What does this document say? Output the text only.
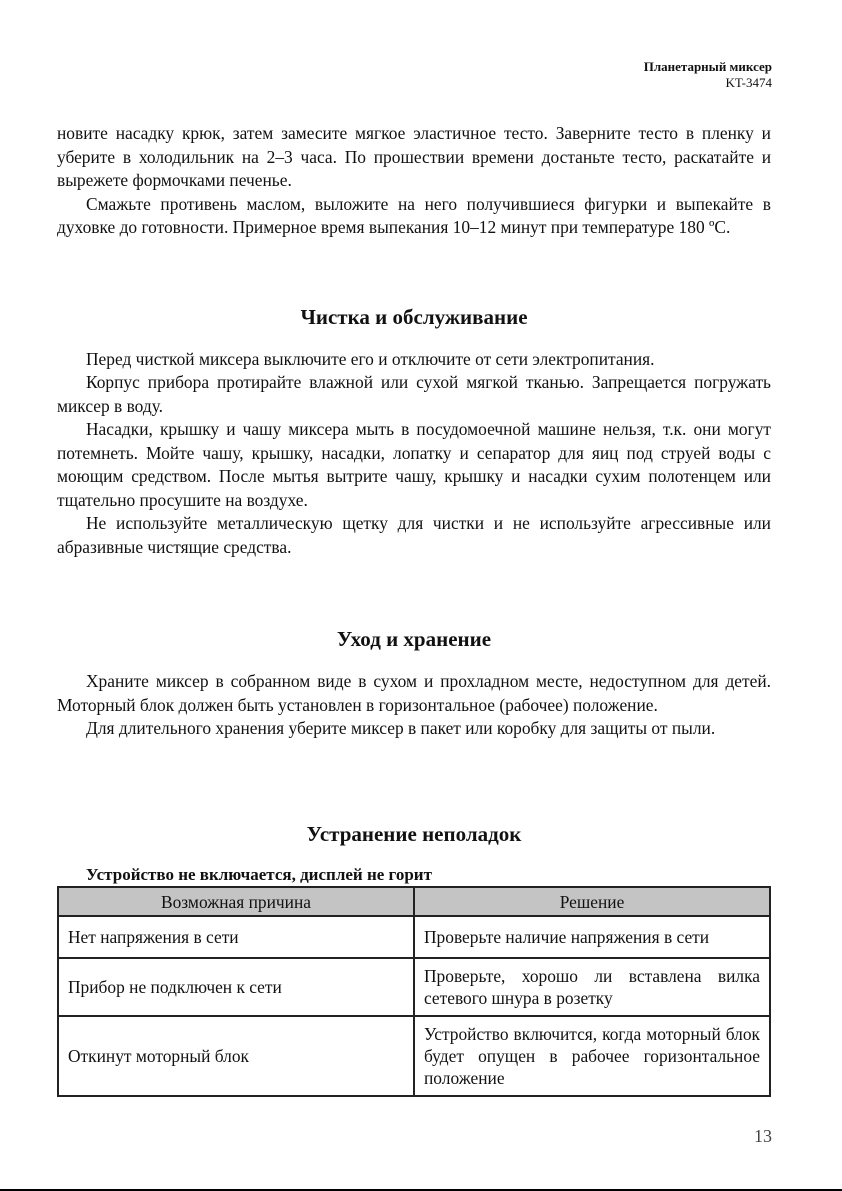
Планетарный миксер
KT-3474

новите насадку крюк, затем замесите мягкое эластичное тесто. Заверните тесто в пленку и уберите в холодильник на 2–3 часа. По прошествии времени достаньте тесто, раскатайте и вырежете формочками печенье.

Смажьте противень маслом, выложите на него получившиеся фигурки и выпекайте в духовке до готовности. Примерное время выпекания 10–12 минут при температуре 180 ºС.

Чистка и обслуживание

Перед чисткой миксера выключите его и отключите от сети электропитания.

Корпус прибора протирайте влажной или сухой мягкой тканью. Запрещается погружать миксер в воду.

Насадки, крышку и чашу миксера мыть в посудомоечной машине нельзя, т.к. они могут потемнеть. Мойте чашу, крышку, насадки, лопатку и сепаратор для яиц под струей воды с моющим средством. После мытья вытрите чашу, крышку и насадки сухим полотенцем или тщательно просушите на воздухе.

Не используйте металлическую щетку для чистки и не используйте агрессивные или абразивные чистящие средства.

Уход и хранение

Храните миксер в собранном виде в сухом и прохладном месте, недоступном для детей. Моторный блок должен быть установлен в горизонтальное (рабочее) положение.

Для длительного хранения уберите миксер в пакет или коробку для защиты от пыли.

Устранение неполадок

Устройство не включается, дисплей не горит

Возможная причина	Решение
Нет напряжения в сети	Проверьте наличие напряжения в сети
Прибор не подключен к сети	Проверьте, хорошо ли вставлена вилка сетевого шнура в розетку
Откинут моторный блок	Устройство включится, когда моторный блок будет опущен в рабочее горизонтальное положение
13
